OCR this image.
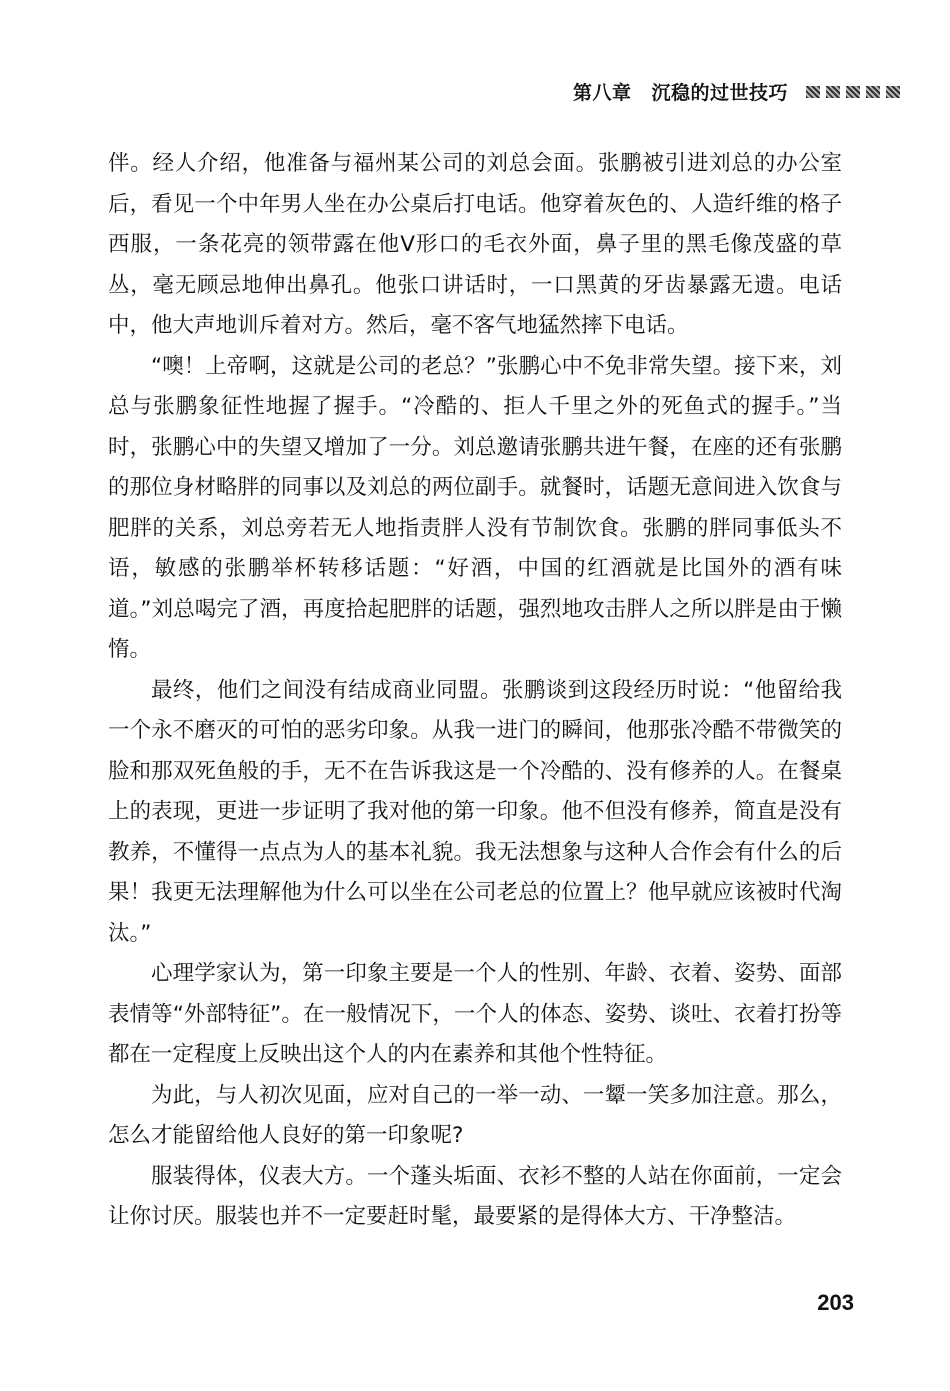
第八章 沉稳的过世技巧

伴。经人介绍，他准备与福州某公司的刘总会面。张鹏被引进刘总的办公室后，看见一个中年男人坐在办公桌后打电话。他穿着灰色的、人造纤维的格子西服，一条花亮的领带露在他V形口的毛衣外面，鼻子里的黑毛像茂盛的草丛，毫无顾忌地伸出鼻孔。他张口讲话时，一口黑黄的牙齿暴露无遗。电话中，他大声地训斥着对方。然后，毫不客气地猛然摔下电话。

“噢！上帝啊，这就是公司的老总？”张鹏心中不免非常失望。接下来，刘总与张鹏象征性地握了握手。“冷酷的、拒人千里之外的死鱼式的握手。”当时，张鹏心中的失望又增加了一分。刘总邀请张鹏共进午餐，在座的还有张鹏的那位身材略胖的同事以及刘总的两位副手。就餐时，话题无意间进入饮食与肥胖的关系，刘总旁若无人地指责胖人没有节制饮食。张鹏的胖同事低头不语，敏感的张鹏举杯转移话题：“好酒，中国的红酒就是比国外的酒有味道。”刘总喝完了酒，再度拾起肥胖的话题，强烈地攻击胖人之所以胖是由于懒惰。

最终，他们之间没有结成商业同盟。张鹏谈到这段经历时说：“他留给我一个永不磨灭的可怕的恶劣印象。从我一进门的瞬间，他那张冷酷不带微笑的脸和那双死鱼般的手，无不在告诉我这是一个冷酷的、没有修养的人。在餐桌上的表现，更进一步证明了我对他的第一印象。他不但没有修养，简直是没有教养，不懂得一点点为人的基本礼貌。我无法想象与这种人合作会有什么的后果！我更无法理解他为什么可以坐在公司老总的位置上？他早就应该被时代淘汰。”

心理学家认为，第一印象主要是一个人的性别、年龄、衣着、姿势、面部表情等“外部特征”。在一般情况下，一个人的体态、姿势、谈吐、衣着打扮等都在一定程度上反映出这个人的内在素养和其他个性特征。

为此，与人初次见面，应对自己的一举一动、一颦一笑多加注意。那么，怎么才能留给他人良好的第一印象呢?

服装得体，仪表大方。一个蓬头垢面、衣衫不整的人站在你面前，一定会让你讨厌。服装也并不一定要赶时髦，最要紧的是得体大方、干净整洁。

203
